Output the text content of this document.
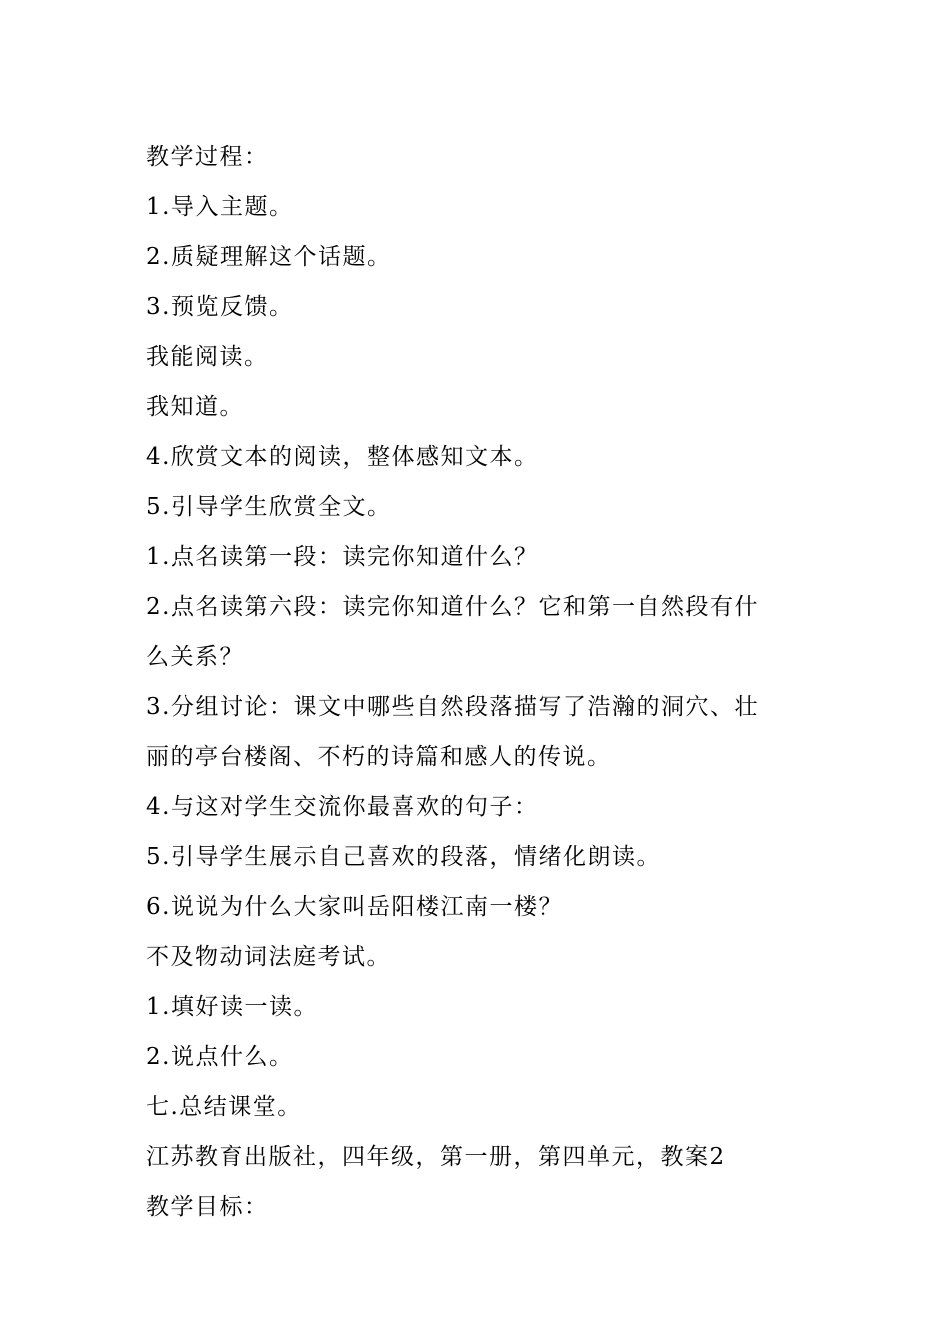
教学过程：
1.导入主题。
2.质疑理解这个话题。
3.预览反馈。
我能阅读。
我知道。
4.欣赏文本的阅读，整体感知文本。
5.引导学生欣赏全文。
1.点名读第一段：读完你知道什么？
2.点名读第六段：读完你知道什么？它和第一自然段有什
么关系？
3.分组讨论：课文中哪些自然段落描写了浩瀚的洞穴、壮
丽的亭台楼阁、不朽的诗篇和感人的传说。
4.与这对学生交流你最喜欢的句子：
5.引导学生展示自己喜欢的段落，情绪化朗读。
6.说说为什么大家叫岳阳楼江南一楼？
不及物动词法庭考试。
1.填好读一读。
2.说点什么。
七.总结课堂。
江苏教育出版社，四年级，第一册，第四单元，教案2
教学目标：
